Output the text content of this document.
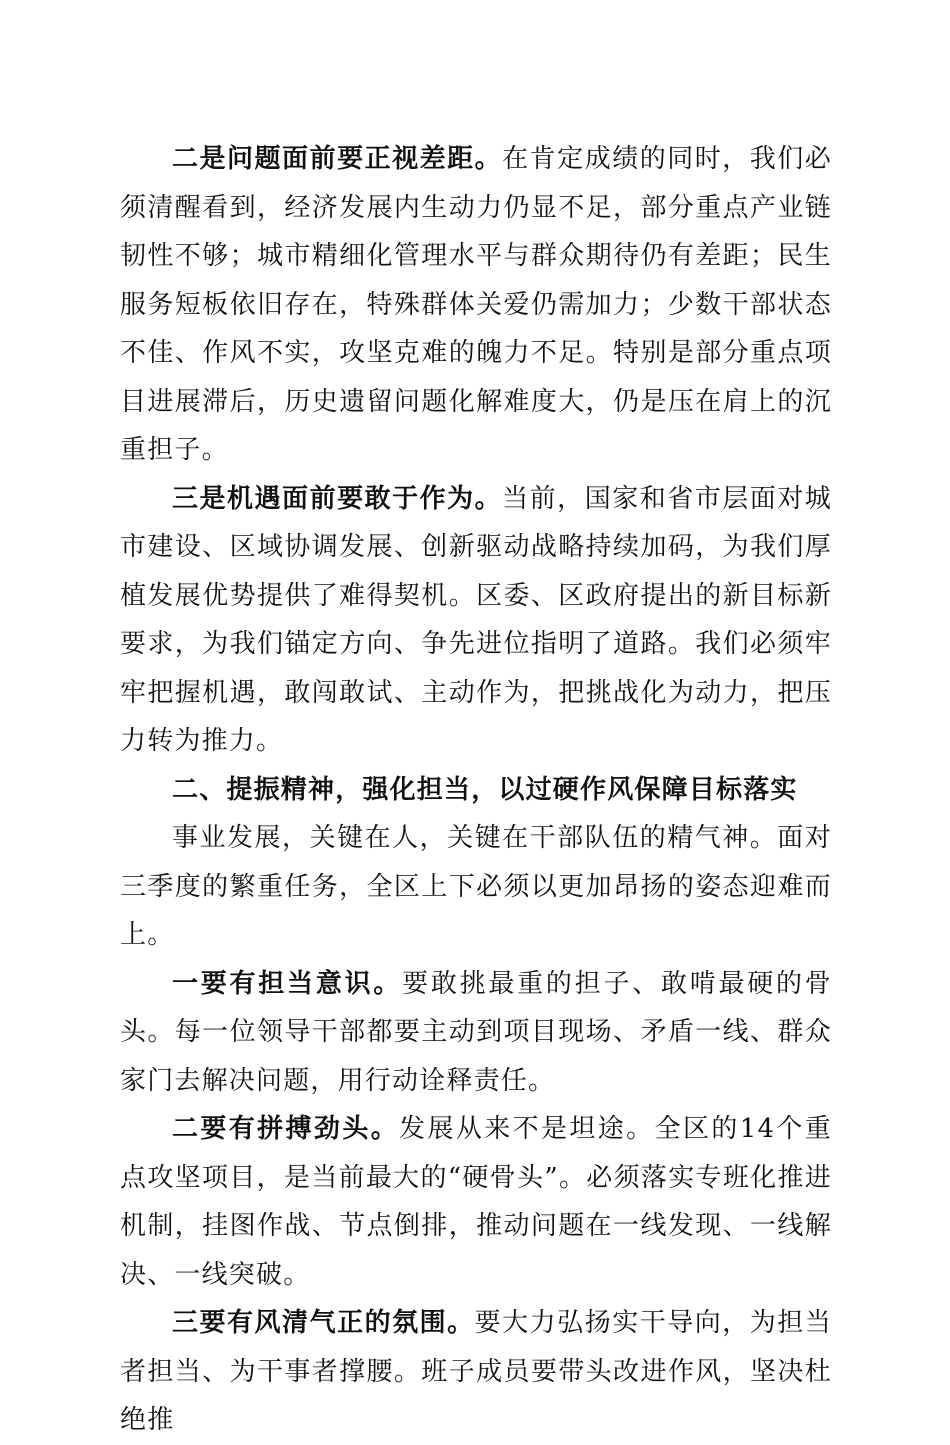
二是问题面前要正视差距。在肯定成绩的同时，我们必须清醒看到，经济发展内生动力仍显不足，部分重点产业链韧性不够；城市精细化管理水平与群众期待仍有差距；民生服务短板依旧存在，特殊群体关爱仍需加力；少数干部状态不佳、作风不实，攻坚克难的魄力不足。特别是部分重点项目进展滞后，历史遗留问题化解难度大，仍是压在肩上的沉重担子。

三是机遇面前要敢于作为。当前，国家和省市层面对城市建设、区域协调发展、创新驱动战略持续加码，为我们厚植发展优势提供了难得契机。区委、区政府提出的新目标新要求，为我们锚定方向、争先进位指明了道路。我们必须牢牢把握机遇，敢闯敢试、主动作为，把挑战化为动力，把压力转为推力。

二、提振精神，强化担当，以过硬作风保障目标落实

事业发展，关键在人，关键在干部队伍的精气神。面对三季度的繁重任务，全区上下必须以更加昂扬的姿态迎难而上。

一要有担当意识。要敢挑最重的担子、敢啃最硬的骨头。每一位领导干部都要主动到项目现场、矛盾一线、群众家门去解决问题，用行动诠释责任。

二要有拼搏劲头。发展从来不是坦途。全区的14个重点攻坚项目，是当前最大的“硬骨头”。必须落实专班化推进机制，挂图作战、节点倒排，推动问题在一线发现、一线解决、一线突破。

三要有风清气正的氛围。要大力弘扬实干导向，为担当者担当、为干事者撑腰。班子成员要带头改进作风，坚决杜绝推
